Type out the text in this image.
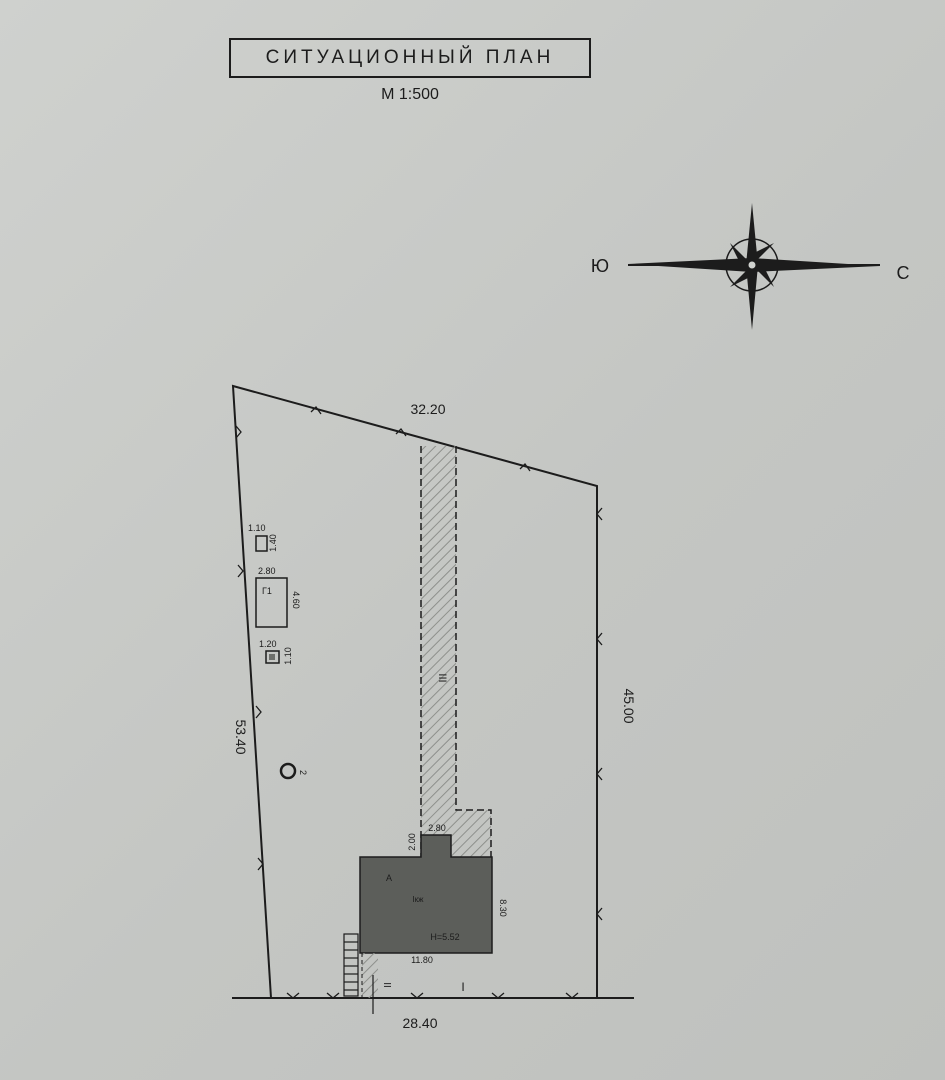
СИТУАЦИОННЫЙ ПЛАН
М 1:500
Ю	С
32.20
45.00
53.40
28.40
III
1.10
1.40
2.80
4.60
Г1
1.20
1.10
2
А
Ікж
Н=5.52
11.80
8.30
2.80
2.00
II	I
